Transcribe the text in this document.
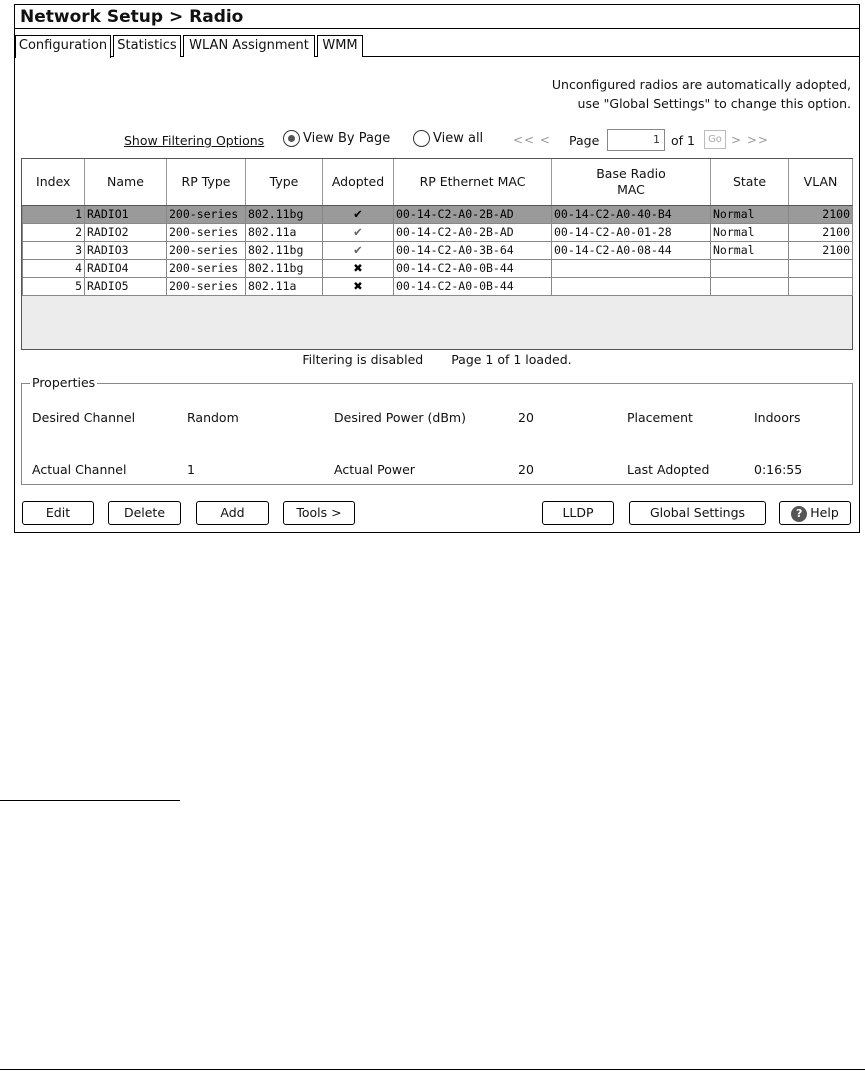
Network Setup > Radio
Configuration Statistics WLAN Assignment	WMM
Unconfigured radios are automatically adopted,
use "Global Settings" to change this option.
Show Filtering Options	View By Page	View all << < Page	1 of 1	Go > >>
Index	Name	RP Type	Type	Adopted	RP Ethernet MAC	Base Radio MAC	State	VLAN
1	RADIO1	200-series	802.11bg	✔	00-14-C2-A0-2B-AD	00-14-C2-A0-40-B4	Normal	2100
2	RADIO2	200-series	802.11a	✔	00-14-C2-A0-2B-AD	00-14-C2-A0-01-28	Normal	2100
3	RADIO3	200-series	802.11bg	✔	00-14-C2-A0-3B-64	00-14-C2-A0-08-44	Normal	2100
4	RADIO4	200-series	802.11bg	✖	00-14-C2-A0-0B-44			
5	RADIO5	200-series	802.11a	✖	00-14-C2-A0-0B-44			
Filtering is disabled Page 1 of 1 loaded.
Properties
Desired Channel	Random	Desired Power (dBm)	20	Placement	Indoors
Actual Channel	1	Actual Power	20	Last Adopted	0:16:55
Edit	Delete	Add	Tools >	LLDP	Global Settings	? Help
